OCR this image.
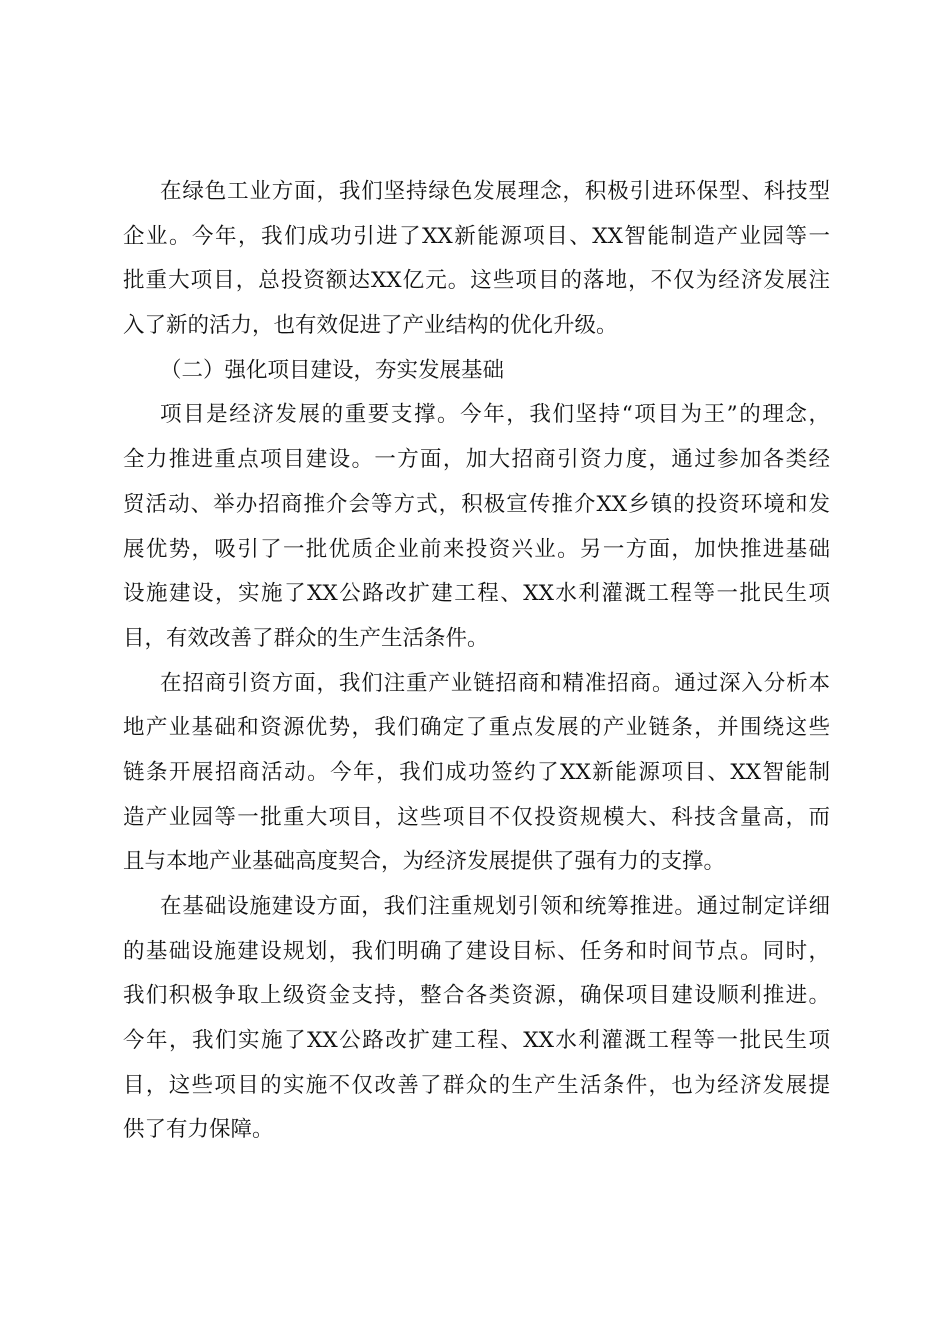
在绿色工业方面，我们坚持绿色发展理念，积极引进环保型、科技型
企业。今年，我们成功引进了XX新能源项目、XX智能制造产业园等一
批重大项目，总投资额达XX亿元。这些项目的落地，不仅为经济发展注
入了新的活力，也有效促进了产业结构的优化升级。
（二）强化项目建设，夯实发展基础
项目是经济发展的重要支撑。今年，我们坚持“项目为王”的理念，
全力推进重点项目建设。一方面，加大招商引资力度，通过参加各类经
贸活动、举办招商推介会等方式，积极宣传推介XX乡镇的投资环境和发
展优势，吸引了一批优质企业前来投资兴业。另一方面，加快推进基础
设施建设，实施了XX公路改扩建工程、XX水利灌溉工程等一批民生项
目，有效改善了群众的生产生活条件。
在招商引资方面，我们注重产业链招商和精准招商。通过深入分析本
地产业基础和资源优势，我们确定了重点发展的产业链条，并围绕这些
链条开展招商活动。今年，我们成功签约了XX新能源项目、XX智能制
造产业园等一批重大项目，这些项目不仅投资规模大、科技含量高，而
且与本地产业基础高度契合，为经济发展提供了强有力的支撑。
在基础设施建设方面，我们注重规划引领和统筹推进。通过制定详细
的基础设施建设规划，我们明确了建设目标、任务和时间节点。同时，
我们积极争取上级资金支持，整合各类资源，确保项目建设顺利推进。
今年，我们实施了XX公路改扩建工程、XX水利灌溉工程等一批民生项
目，这些项目的实施不仅改善了群众的生产生活条件，也为经济发展提
供了有力保障。
